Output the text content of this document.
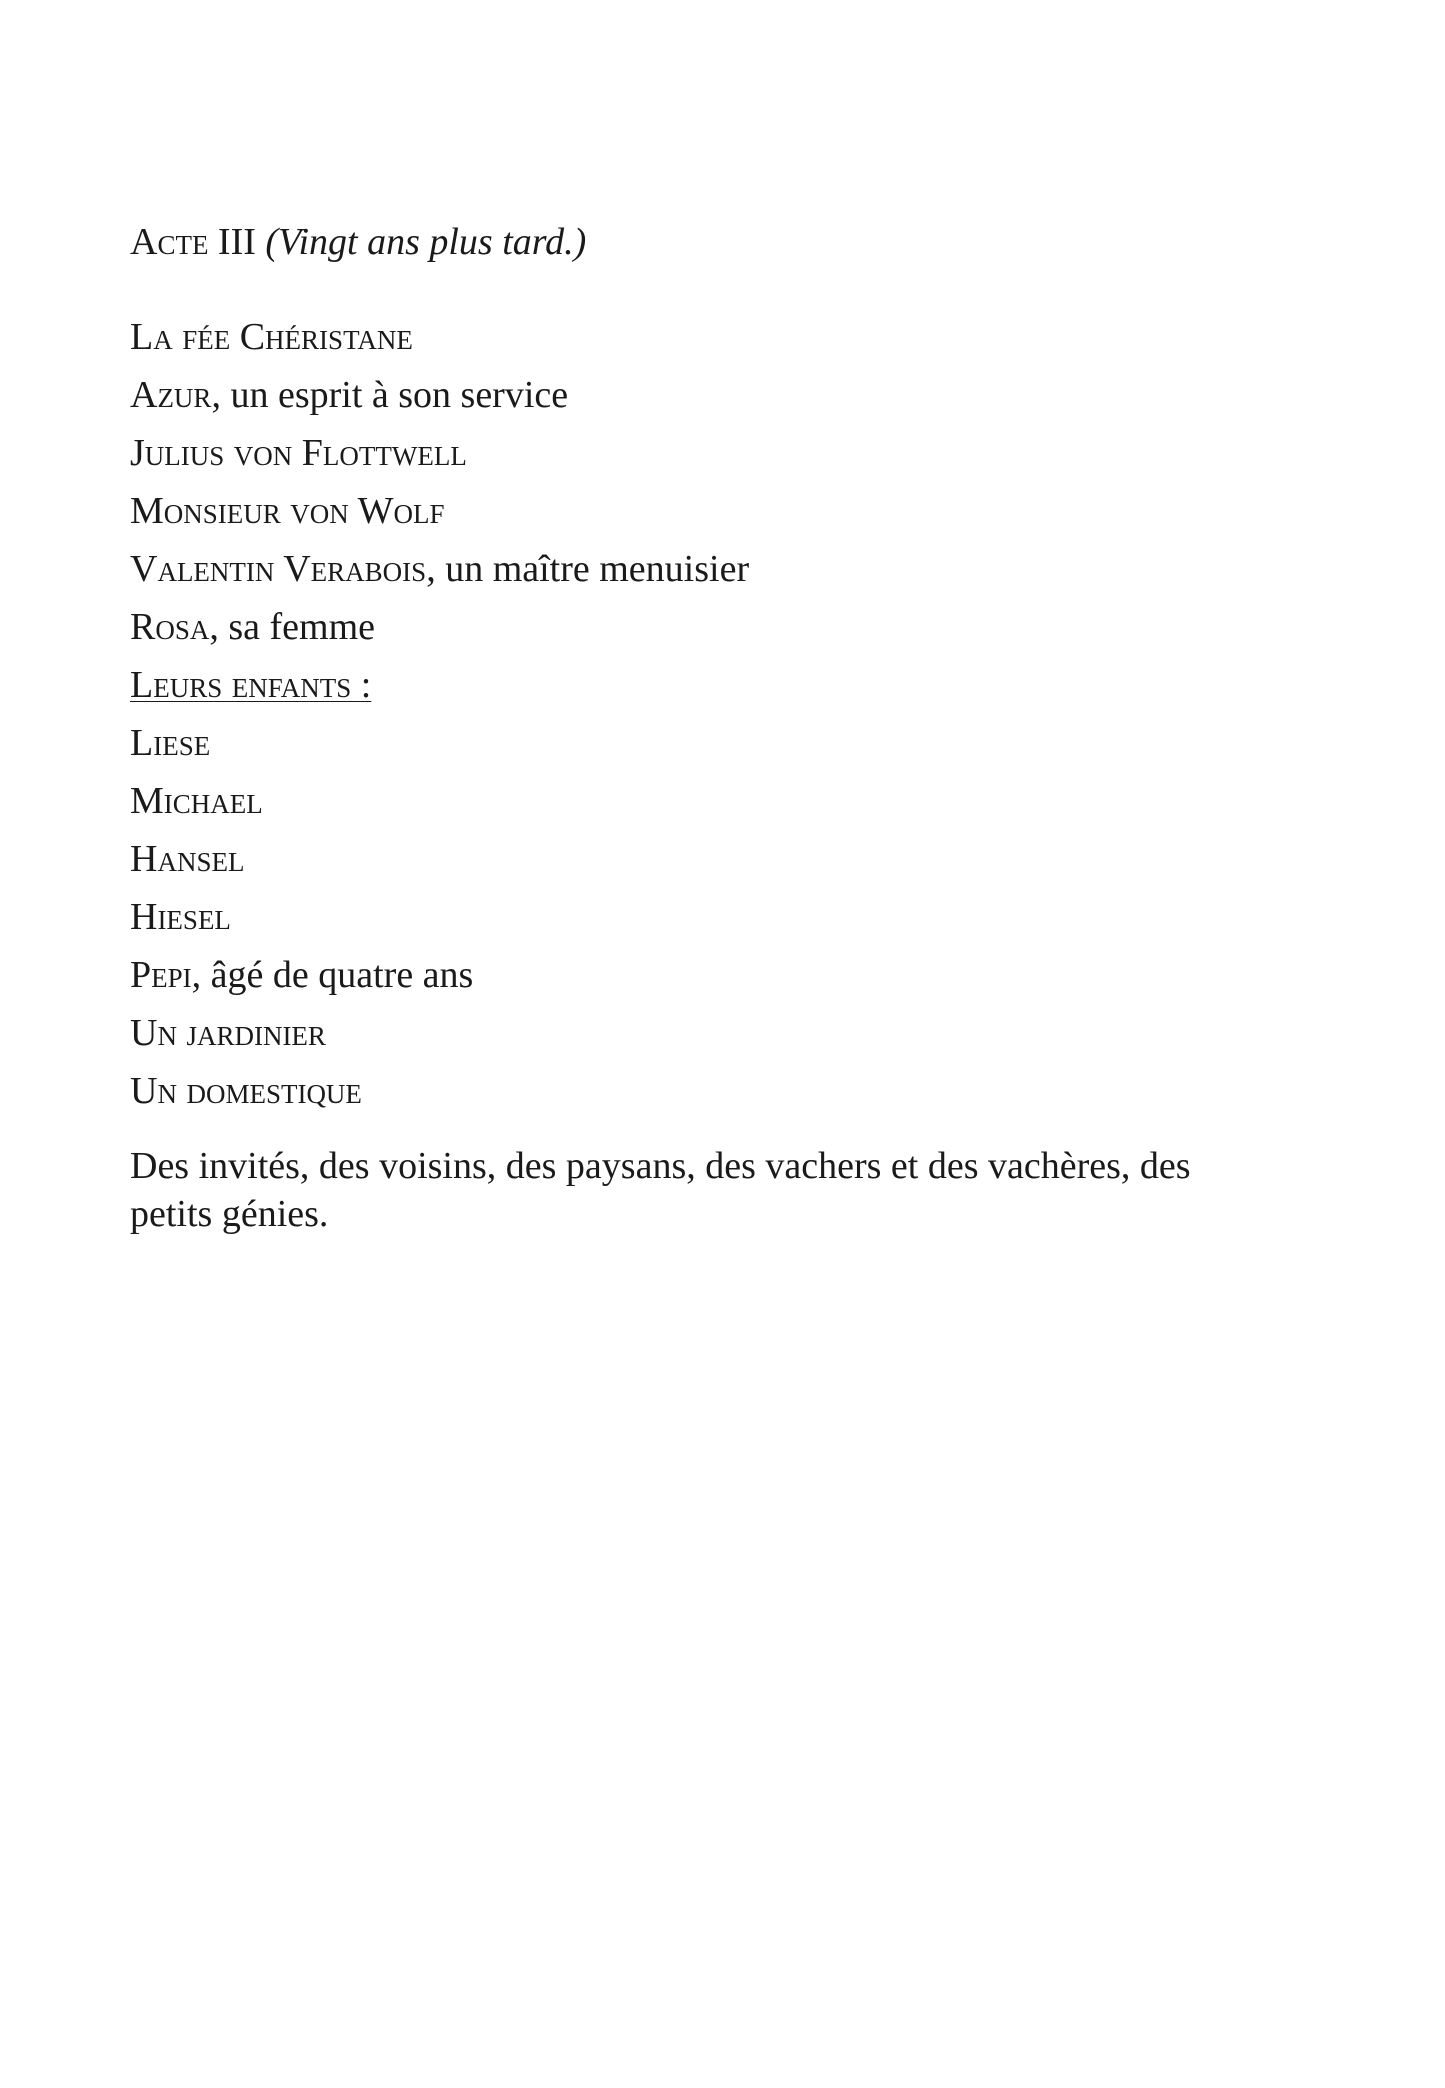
Acte III (Vingt ans plus tard.)
La fée Chéristane
Azur, un esprit à son service
Julius von Flottwell
Monsieur von Wolf
Valentin Verabois, un maître menuisier
Rosa, sa femme
Leurs enfants :
Liese
Michael
Hansel
Hiesel
Pepi, âgé de quatre ans
Un jardinier
Un domestique

Des invités, des voisins, des paysans, des vachers et des vachères, des petits génies.
